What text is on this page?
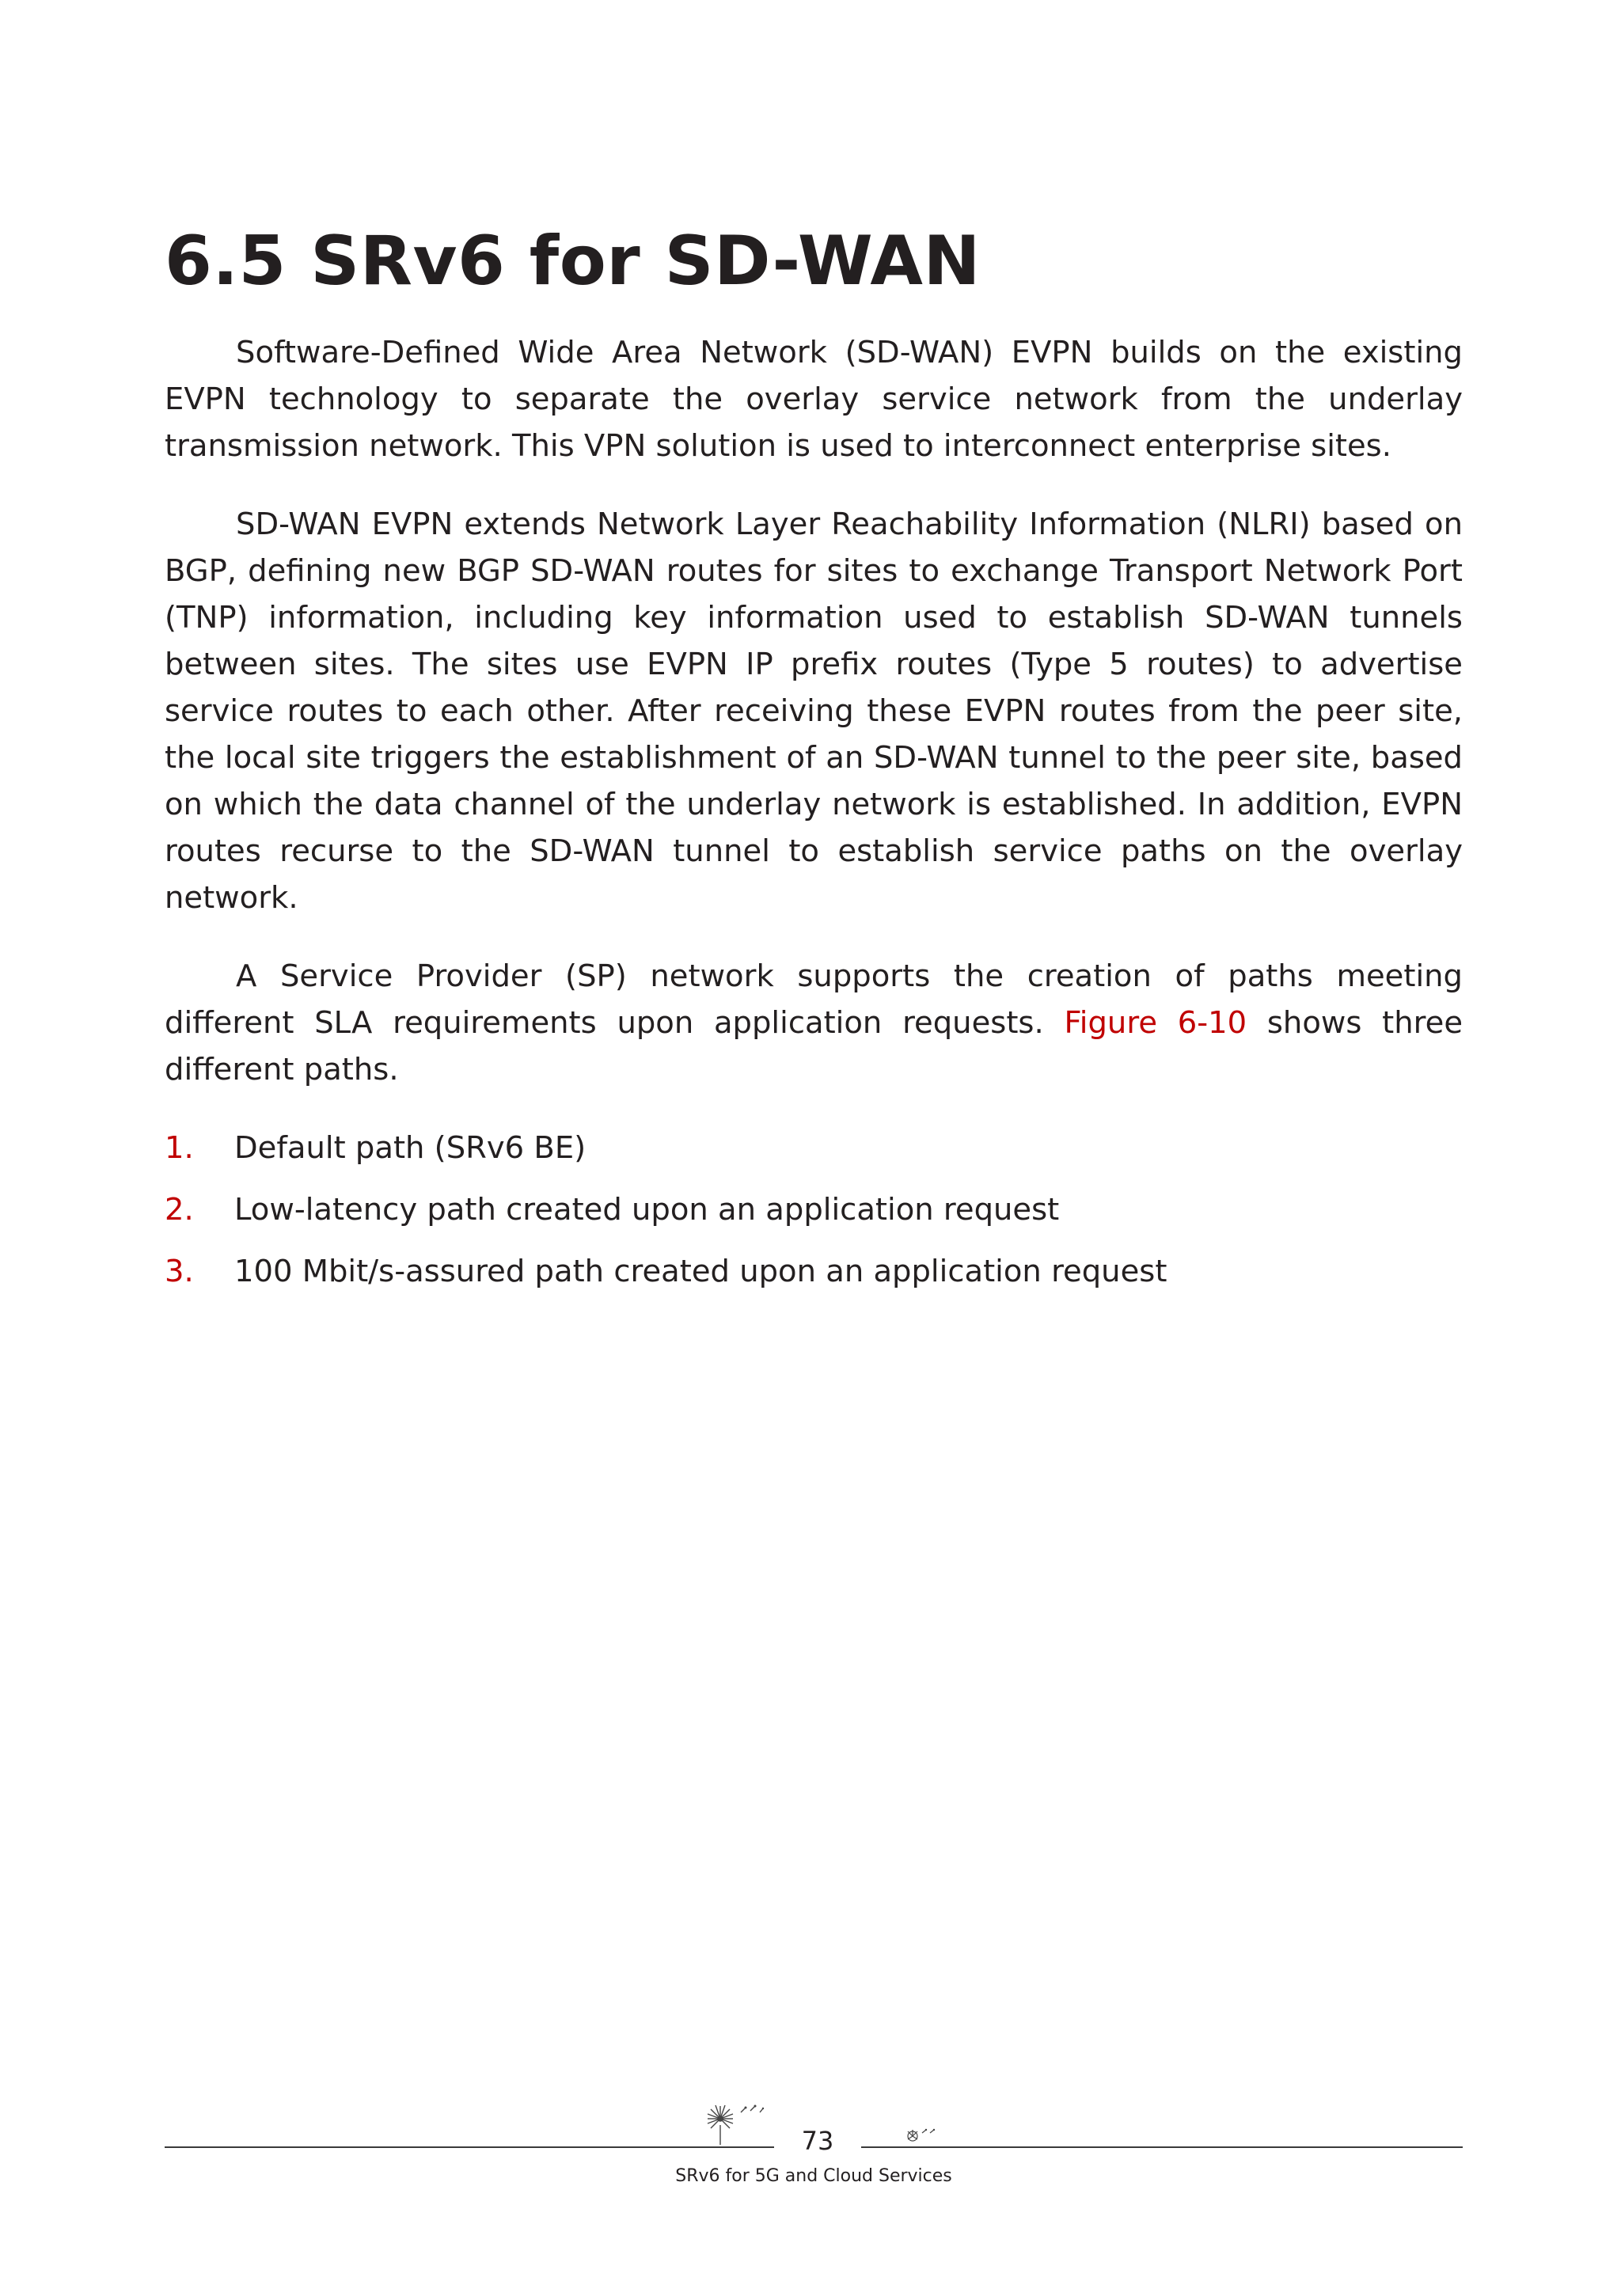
6.5 SRv6 for SD-WAN

Software-Defined Wide Area Network (SD-WAN) EVPN builds on the existing EVPN technology to separate the overlay service network from the underlay transmission network. This VPN solution is used to interconnect enterprise sites.

SD-WAN EVPN extends Network Layer Reachability Information (NLRI) based on BGP, defining new BGP SD-WAN routes for sites to exchange Transport Network Port (TNP) information, including key information used to establish SD-WAN tunnels between sites. The sites use EVPN IP prefix routes (Type 5 routes) to advertise service routes to each other. After receiving these EVPN routes from the peer site, the local site triggers the establishment of an SD-WAN tunnel to the peer site, based on which the data channel of the underlay network is established. In addition, EVPN routes recurse to the SD-WAN tunnel to establish service paths on the overlay network.

A Service Provider (SP) network supports the creation of paths meeting different SLA requirements upon application requests. Figure 6-10 shows three different paths.

1. Default path (SRv6 BE)
2. Low-latency path created upon an application request
3. 100 Mbit/s-assured path created upon an application request
73
SRv6 for 5G and Cloud Services
